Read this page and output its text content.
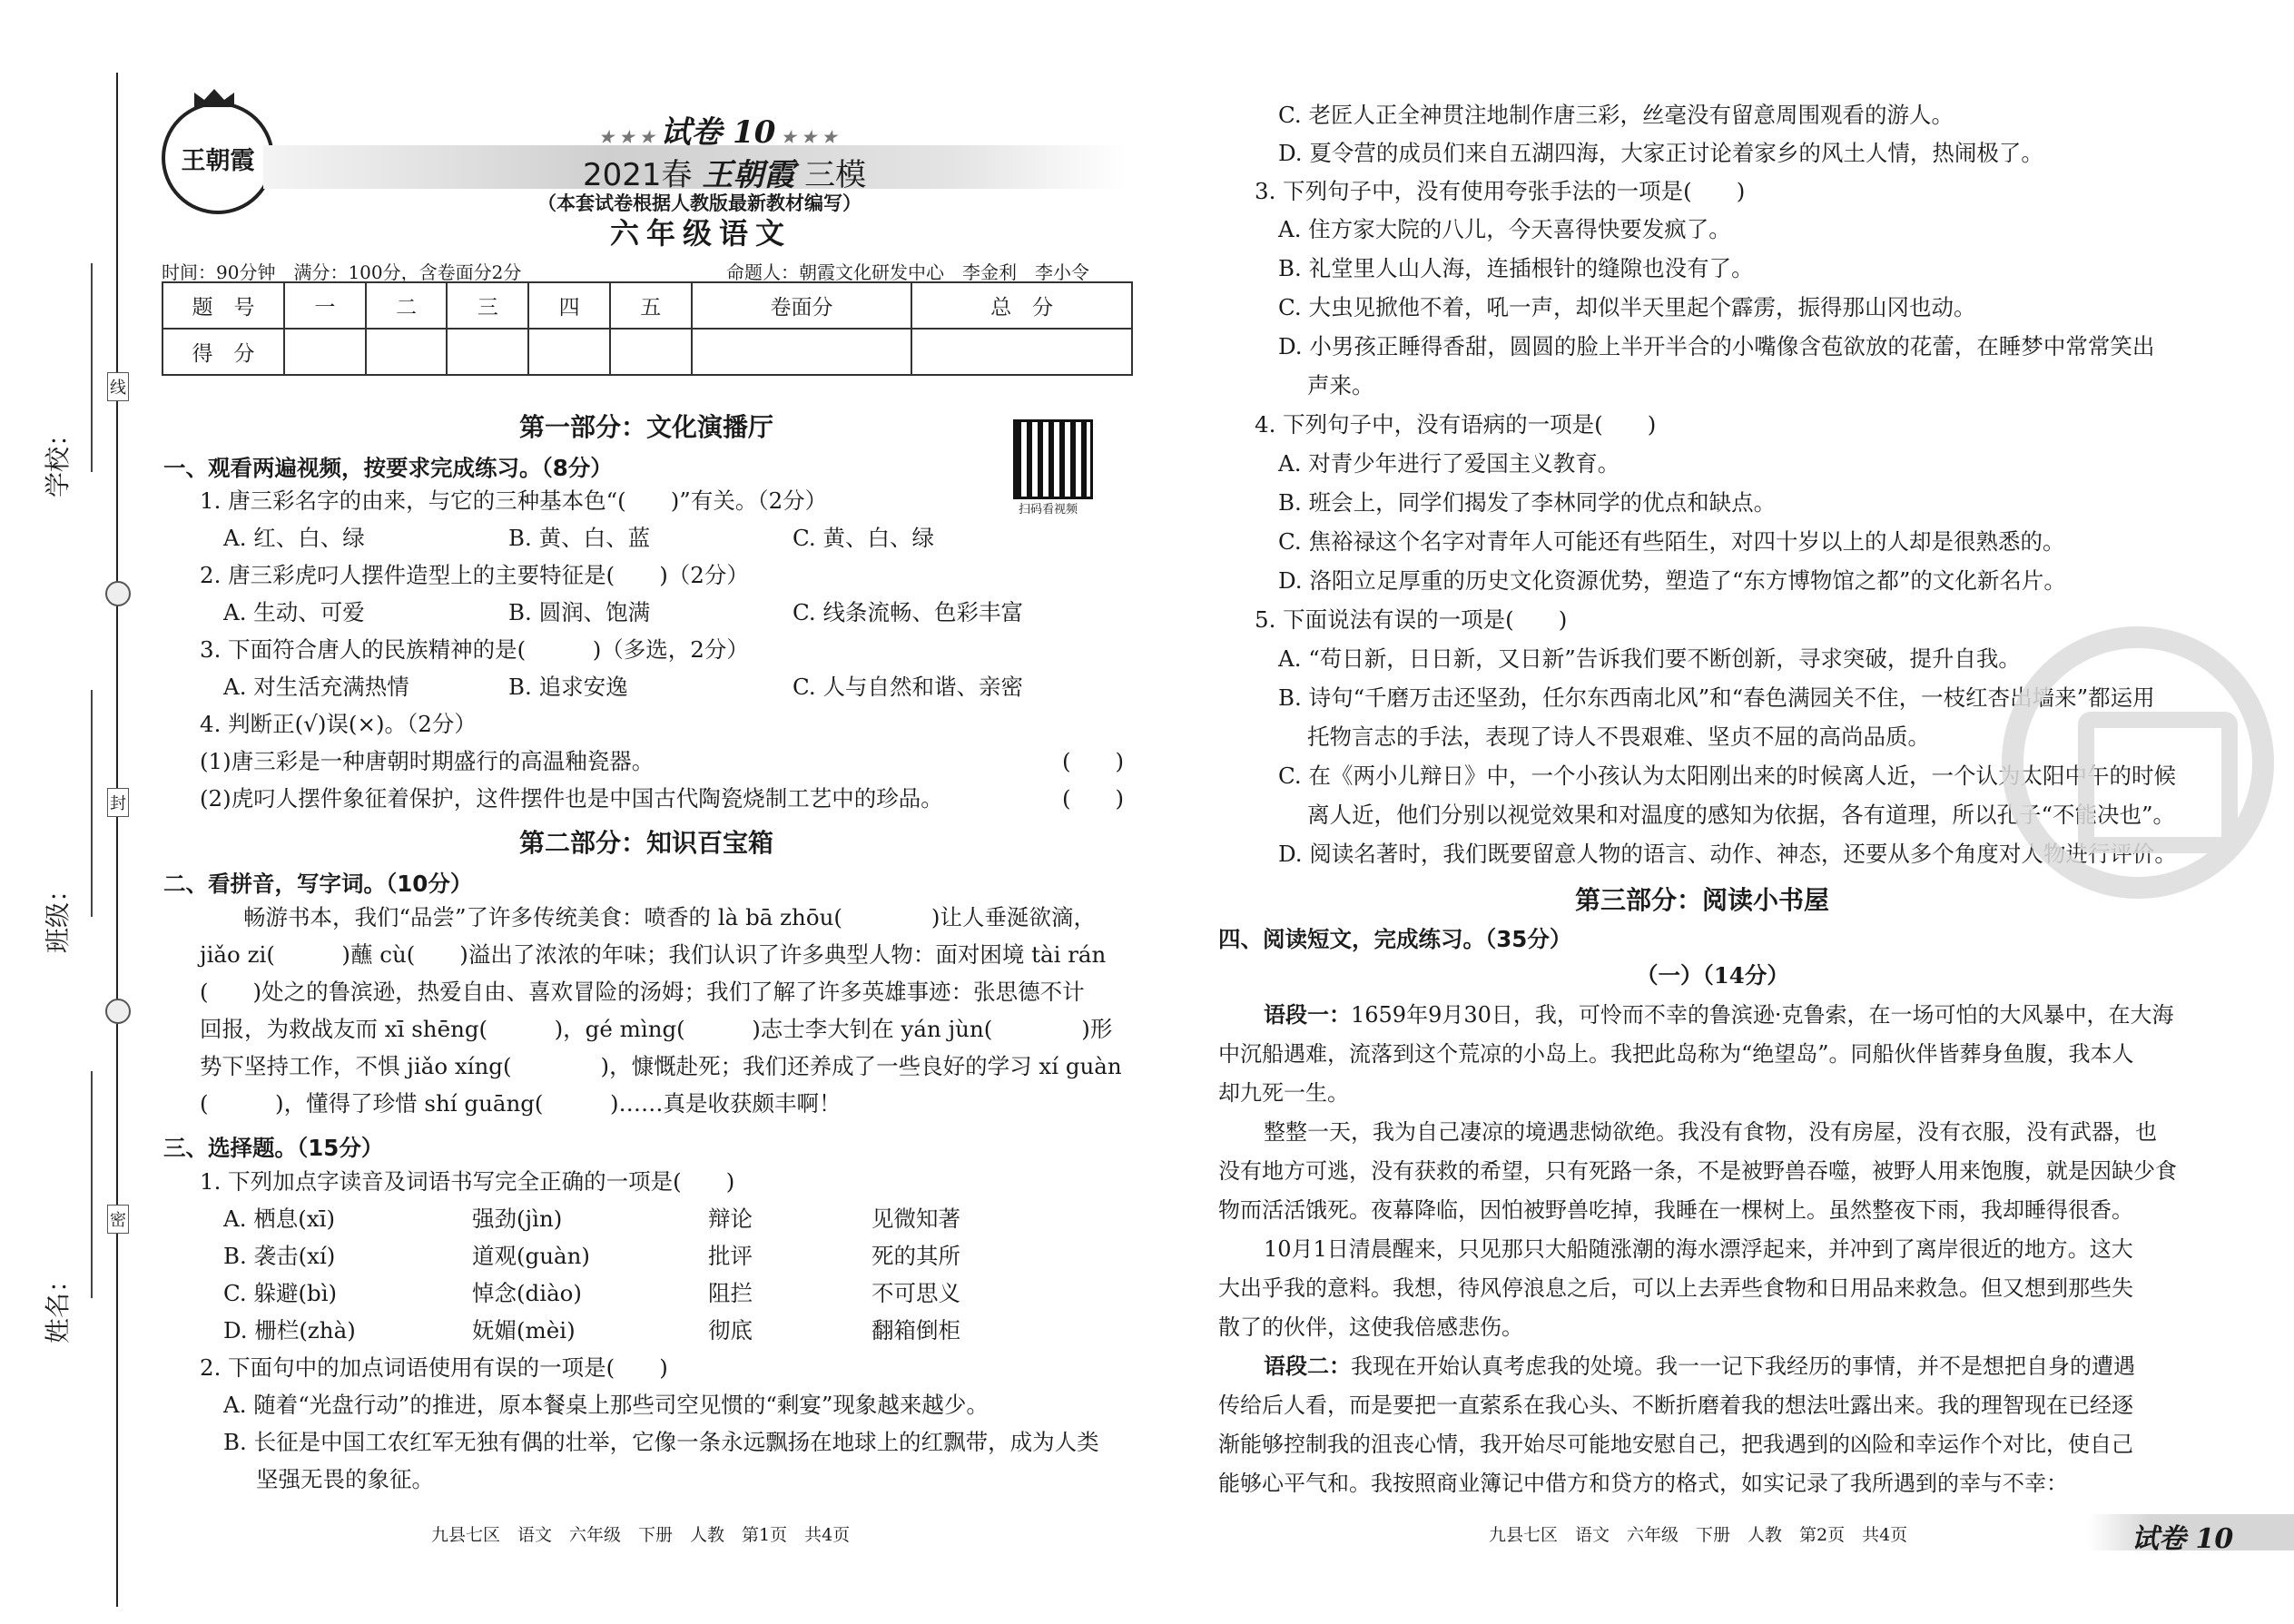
线
封
密
学校：
班级：
姓名：
王朝霞
★ ★ ★ 试卷 10 ★ ★ ★
2021春 王朝霞 三模
（本套试卷根据人教版最新教材编写）
六年级语文
时间：90分钟　满分：100分，含卷面分2分	命题人：朝霞文化研发中心　李金利　李小令
题　号	一	二	三	四	五	卷面分	总　分
得　分							
第一部分：文化演播厅
扫码看视频
一、观看两遍视频，按要求完成练习。（8分）
1. 唐三彩名字的由来，与它的三种基本色“(　　)”有关。（2分）
A. 红、白、绿	B. 黄、白、蓝	C. 黄、白、绿
2. 唐三彩虎叼人摆件造型上的主要特征是(　　)（2分）
A. 生动、可爱	B. 圆润、饱满	C. 线条流畅、色彩丰富
3. 下面符合唐人的民族精神的是(　　　)（多选，2分）
A. 对生活充满热情	B. 追求安逸	C. 人与自然和谐、亲密
4. 判断正(√)误(×)。（2分）
(1)唐三彩是一种唐朝时期盛行的高温釉瓷器。	(　　)
(2)虎叼人摆件象征着保护，这件摆件也是中国古代陶瓷烧制工艺中的珍品。	(　　)
第二部分：知识百宝箱
二、看拼音，写字词。（10分）
畅游书本，我们“品尝”了许多传统美食：喷香的 là bā zhōu(　　　　)让人垂涎欲滴，
jiǎo zi(　　　)蘸 cù(　　)溢出了浓浓的年味；我们认识了许多典型人物：面对困境 tài rán
(　　)处之的鲁滨逊，热爱自由、喜欢冒险的汤姆；我们了解了许多英雄事迹：张思德不计
回报，为救战友而 xī shēng(　　　)，gé mìng(　　　)志士李大钊在 yán jùn(　　　　)形
势下坚持工作，不惧 jiǎo xíng(　　　　)，慷慨赴死；我们还养成了一些良好的学习 xí guàn
(　　　)，懂得了珍惜 shí guāng(　　　)……真是收获颇丰啊！
三、选择题。（15分）
1. 下列加点字读音及词语书写完全正确的一项是(　　)
A. 栖息(xī)	强劲(jìn)	辩论	见微知著
B. 袭击(xí)	道观(guàn)	批评	死的其所
C. 躲避(bì)	悼念(diào)	阻拦	不可思义
D. 栅栏(zhà)	妩媚(mèi)	彻底	翻箱倒柜
2. 下面句中的加点词语使用有误的一项是(　　)
A. 随着“光盘行动”的推进，原本餐桌上那些司空见惯的“剩宴”现象越来越少。
B. 长征是中国工农红军无独有偶的壮举，它像一条永远飘扬在地球上的红飘带，成为人类
坚强无畏的象征。
九县七区　语文　六年级　下册　人教　第1页　共4页
C. 老匠人正全神贯注地制作唐三彩，丝毫没有留意周围观看的游人。
D. 夏令营的成员们来自五湖四海，大家正讨论着家乡的风土人情，热闹极了。
3. 下列句子中，没有使用夸张手法的一项是(　　)
A. 住方家大院的八儿，今天喜得快要发疯了。
B. 礼堂里人山人海，连插根针的缝隙也没有了。
C. 大虫见掀他不着，吼一声，却似半天里起个霹雳，振得那山冈也动。
D. 小男孩正睡得香甜，圆圆的脸上半开半合的小嘴像含苞欲放的花蕾，在睡梦中常常笑出
声来。
4. 下列句子中，没有语病的一项是(　　)
A. 对青少年进行了爱国主义教育。
B. 班会上，同学们揭发了李林同学的优点和缺点。
C. 焦裕禄这个名字对青年人可能还有些陌生，对四十岁以上的人却是很熟悉的。
D. 洛阳立足厚重的历史文化资源优势，塑造了“东方博物馆之都”的文化新名片。
5. 下面说法有误的一项是(　　)
A. “苟日新，日日新，又日新”告诉我们要不断创新，寻求突破，提升自我。
B. 诗句“千磨万击还坚劲，任尔东西南北风”和“春色满园关不住，一枝红杏出墙来”都运用
托物言志的手法，表现了诗人不畏艰难、坚贞不屈的高尚品质。
C. 在《两小儿辩日》中，一个小孩认为太阳刚出来的时候离人近，一个认为太阳中午的时候
离人近，他们分别以视觉效果和对温度的感知为依据，各有道理，所以孔子“不能决也”。
D. 阅读名著时，我们既要留意人物的语言、动作、神态，还要从多个角度对人物进行评价。
第三部分：阅读小书屋
四、阅读短文，完成练习。（35分）
（一）（14分）
语段一：1659年9月30日，我，可怜而不幸的鲁滨逊·克鲁索，在一场可怕的大风暴中，在大海
中沉船遇难，流落到这个荒凉的小岛上。我把此岛称为“绝望岛”。同船伙伴皆葬身鱼腹，我本人
却九死一生。
整整一天，我为自己凄凉的境遇悲恸欲绝。我没有食物，没有房屋，没有衣服，没有武器，也
没有地方可逃，没有获救的希望，只有死路一条，不是被野兽吞噬，被野人用来饱腹，就是因缺少食
物而活活饿死。夜幕降临，因怕被野兽吃掉，我睡在一棵树上。虽然整夜下雨，我却睡得很香。
10月1日清晨醒来，只见那只大船随涨潮的海水漂浮起来，并冲到了离岸很近的地方。这大
大出乎我的意料。我想，待风停浪息之后，可以上去弄些食物和日用品来救急。但又想到那些失
散了的伙伴，这使我倍感悲伤。
语段二：我现在开始认真考虑我的处境。我一一记下我经历的事情，并不是想把自身的遭遇
传给后人看，而是要把一直萦系在我心头、不断折磨着我的想法吐露出来。我的理智现在已经逐
渐能够控制我的沮丧心情，我开始尽可能地安慰自己，把我遇到的凶险和幸运作个对比，使自己
能够心平气和。我按照商业簿记中借方和贷方的格式，如实记录了我所遇到的幸与不幸：
九县七区　语文　六年级　下册　人教　第2页　共4页	试卷 10
